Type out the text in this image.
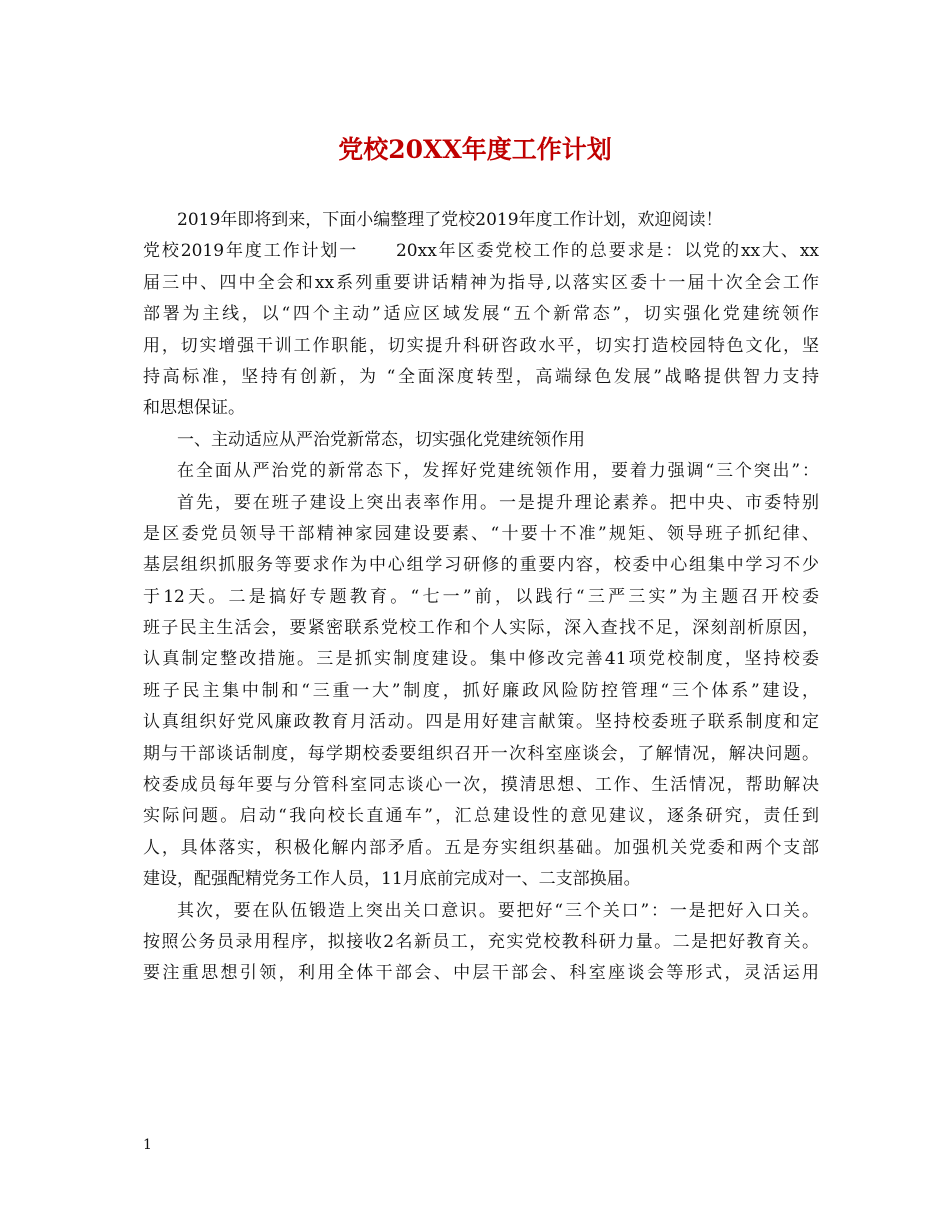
党校20XX年度工作计划
2019年即将到来，下面小编整理了党校2019年度工作计划，欢迎阅读！
党校2019年度工作计划一　　20xx年区委党校工作的总要求是：以党的xx大、xx
届三中、四中全会和xx系列重要讲话精神为指导,以落实区委十一届十次全会工作
部署为主线，以“四个主动”适应区域发展“五个新常态”，切实强化党建统领作
用，切实增强干训工作职能，切实提升科研咨政水平，切实打造校园特色文化，坚
持高标准，坚持有创新，为 “全面深度转型，高端绿色发展”战略提供智力支持
和思想保证。
一、主动适应从严治党新常态，切实强化党建统领作用
在全面从严治党的新常态下，发挥好党建统领作用，要着力强调“三个突出”：
首先，要在班子建设上突出表率作用。一是提升理论素养。把中央、市委特别
是区委党员领导干部精神家园建设要素、“十要十不准”规矩、领导班子抓纪律、
基层组织抓服务等要求作为中心组学习研修的重要内容，校委中心组集中学习不少
于12天。二是搞好专题教育。“七一”前，以践行“三严三实”为主题召开校委
班子民主生活会，要紧密联系党校工作和个人实际，深入查找不足，深刻剖析原因，
认真制定整改措施。三是抓实制度建设。集中修改完善41项党校制度，坚持校委
班子民主集中制和“三重一大”制度，抓好廉政风险防控管理“三个体系”建设，
认真组织好党风廉政教育月活动。四是用好建言献策。坚持校委班子联系制度和定
期与干部谈话制度，每学期校委要组织召开一次科室座谈会，了解情况，解决问题。
校委成员每年要与分管科室同志谈心一次，摸清思想、工作、生活情况，帮助解决
实际问题。启动“我向校长直通车”，汇总建设性的意见建议，逐条研究，责任到
人，具体落实，积极化解内部矛盾。五是夯实组织基础。加强机关党委和两个支部
建设，配强配精党务工作人员，11月底前完成对一、二支部换届。
其次，要在队伍锻造上突出关口意识。要把好“三个关口”：一是把好入口关。
按照公务员录用程序，拟接收2名新员工，充实党校教科研力量。二是把好教育关。
要注重思想引领，利用全体干部会、中层干部会、科室座谈会等形式，灵活运用
1
